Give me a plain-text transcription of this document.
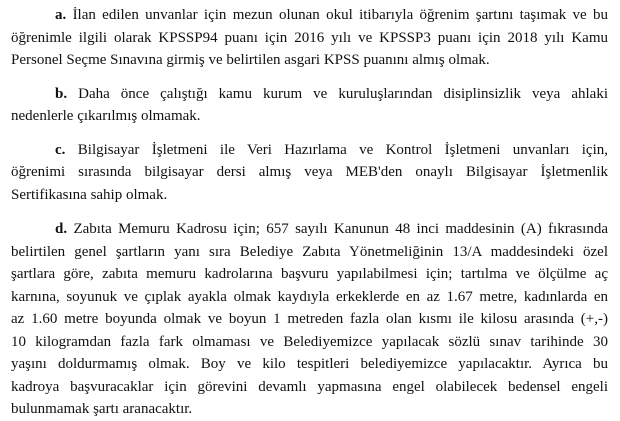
a. İlan edilen unvanlar için mezun olunan okul itibarıyla öğrenim şartını taşımak ve bu
öğrenimle ilgili olarak KPSSP94 puanı için 2016 yılı ve KPSSP3 puanı için 2018 yılı Kamu
Personel Seçme Sınavına girmiş ve belirtilen asgari KPSS puanını almış olmak.
b. Daha önce çalıştığı kamu kurum ve kuruluşlarından disiplinsizlik veya ahlaki
nedenlerle çıkarılmış olmamak.
c. Bilgisayar İşletmeni ile Veri Hazırlama ve Kontrol İşletmeni unvanları için,
öğrenimi sırasında bilgisayar dersi almış veya MEB'den onaylı Bilgisayar İşletmenlik
Sertifikasına sahip olmak.
d. Zabıta Memuru Kadrosu için; 657 sayılı Kanunun 48 inci maddesinin (A) fıkrasında
belirtilen genel şartların yanı sıra Belediye Zabıta Yönetmeliğinin 13/A maddesindeki özel
şartlara göre, zabıta memuru kadrolarına başvuru yapılabilmesi için; tartılma ve ölçülme aç
karnına, soyunuk ve çıplak ayakla olmak kaydıyla erkeklerde en az 1.67 metre, kadınlarda en
az 1.60 metre boyunda olmak ve boyun 1 metreden fazla olan kısmı ile kilosu arasında (+,-)
10 kilogramdan fazla fark olmaması ve Belediyemizce yapılacak sözlü sınav tarihinde 30
yaşını doldurmamış olmak. Boy ve kilo tespitleri belediyemizce yapılacaktır. Ayrıca bu
kadroya başvuracaklar için görevini devamlı yapmasına engel olabilecek bedensel engeli
bulunmamak şartı aranacaktır.
